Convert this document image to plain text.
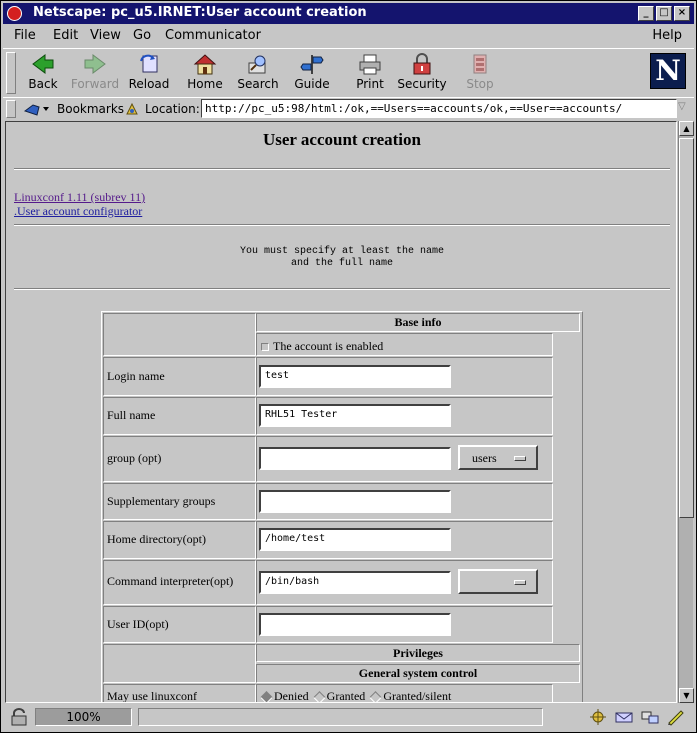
Netscape: pc_u5.IRNET:User account creation	_	□ ×
File Edit View Go Communicator	Help
Back	Forward Reload	Home	Search	Guide	Print	Security	Stop	N
Bookmarks Location: http://pc_u5:98/html:/ok,==Users==accounts/ok,==User==accounts/	▽
User account creation
Linuxconf 1.11 (subrev 11)
.User account configurator
You must specify at least the name
and the full name
Base info
The account is enabled
Login name	test
Full name	RHL51 Tester
group (opt)	users
Supplementary groups
Home directory(opt)	/home/test
Command interpreter(opt)	/bin/bash
User ID(opt)
Privileges
General system control
May use linuxconf	Denied Granted Granted/silent
▲
▼
100%
